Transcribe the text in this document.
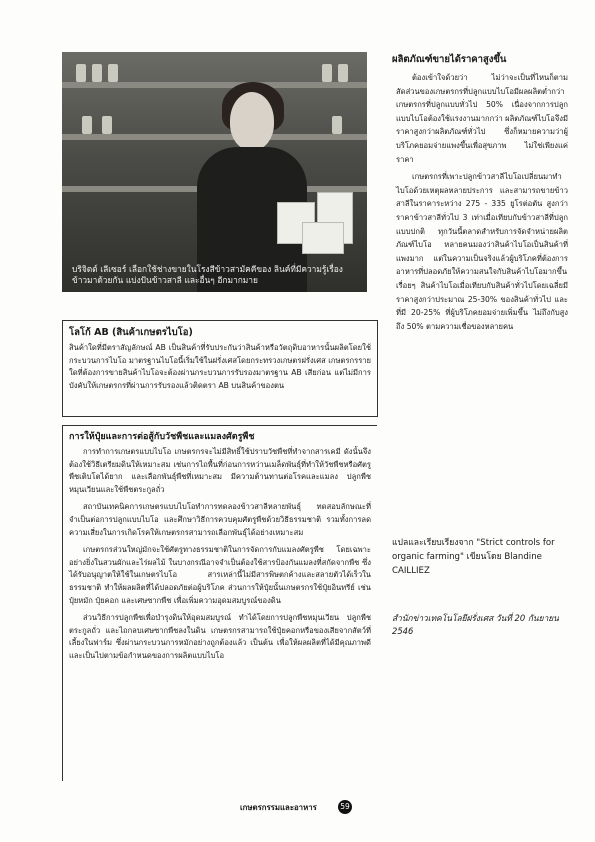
บริจิตต์ เลีเซอร์ เลือกใช้ช่างขายในโรงสีข้าวสามัคคีของ ลินค์ที่มีความรู้เรื่องข้าวมาด้วยกัน แบ่งปันข้าวสาลี และอื่นๆ อีกมากมาย
โลโก้ AB (สินค้าเกษตรไบโอ)
สินค้าใดที่มีตราสัญลักษณ์ AB เป็นสินค้าที่รับประกันว่าสินค้าหรือวัตถุดิบอาหารนั้นผลิตโดยใช้กระบวนการไบโอ มาตรฐานไบโอนี้เริ่มใช้ในฝรั่งเศสโดยกระทรวงเกษตรฝรั่งเศส เกษตรกรรายใดที่ต้องการขายสินค้าไบโอจะต้องผ่านกระบวนการรับรองมาตรฐาน AB เสียก่อน แต่ไม่มีการบังคับให้เกษตรกรที่ผ่านการรับรองแล้วติดตรา AB บนสินค้าของตน
การให้ปุ๋ยและการต่อสู้กับวัชพืชและแมลงศัตรูพืช

การทำการเกษตรแบบไบโอ เกษตรกรจะไม่มีสิทธิ์ใช้ปราบวัชพืชที่ทำจากสารเคมี ดังนั้นจึงต้องใช้วิธีเตรียมดินให้เหมาะสม เช่นการไถพื้นที่ก่อนการหว่านเมล็ดพันธุ์ที่ทำให้วัชพืชหรือศัตรูพืชเติบโตได้ยาก และเลือกพันธุ์พืชที่เหมาะสม มีความต้านทานต่อโรคและแมลง ปลูกพืชหมุนเวียนและใช้พืชตระกูลถั่ว

สถาบันเทคนิคการเกษตรแบบไบโอทำการทดลองข้าวสาลีหลายพันธุ์ ทดสอบลักษณะที่จำเป็นต่อการปลูกแบบไบโอ และศึกษาวิธีการควบคุมศัตรูพืชด้วยวิธีธรรมชาติ รวมทั้งการลดความเสี่ยงในการเกิดโรคให้เกษตรกรสามารถเลือกพันธุ์ได้อย่างเหมาะสม

เกษตรกรส่วนใหญ่มักจะใช้ศัตรูทางธรรมชาติในการจัดการกับแมลงศัตรูพืช โดยเฉพาะอย่างยิ่งในสวนผักและไร่ผลไม้ ในบางกรณีอาจจำเป็นต้องใช้สารป้องกันแมลงที่สกัดจากพืช ซึ่งได้รับอนุญาตให้ใช้ในเกษตรไบโอ สารเหล่านี้ไม่มีสารพิษตกค้างและสลายตัวได้เร็วในธรรมชาติ ทำให้ผลผลิตที่ได้ปลอดภัยต่อผู้บริโภค ส่วนการให้ปุ๋ยนั้นเกษตรกรใช้ปุ๋ยอินทรีย์ เช่น ปุ๋ยหมัก ปุ๋ยคอก และเศษซากพืช เพื่อเพิ่มความอุดมสมบูรณ์ของดิน

ส่วนวิธีการปลูกพืชเพื่อบำรุงดินให้อุดมสมบูรณ์ ทำได้โดยการปลูกพืชหมุนเวียน ปลูกพืชตระกูลถั่ว และไถกลบเศษซากพืชลงในดิน เกษตรกรสามารถใช้ปุ๋ยคอกหรือของเสียจากสัตว์ที่เลี้ยงในฟาร์ม ซึ่งผ่านกระบวนการหมักอย่างถูกต้องแล้ว เป็นต้น เพื่อให้ผลผลิตที่ได้มีคุณภาพดีและเป็นไปตามข้อกำหนดของการผลิตแบบไบโอ

ผลิตภัณฑ์ขายได้ราคาสูงขึ้น

ต้องเข้าใจด้วยว่า ไม่ว่าจะเป็นที่ไหนก็ตาม สัดส่วนของเกษตรกรที่ปลูกแบบไบโอมีผลผลิตต่ำกว่าเกษตรกรที่ปลูกแบบทั่วไป 50% เนื่องจากการปลูกแบบไบโอต้องใช้แรงงานมากกว่า ผลิตภัณฑ์ไบโอจึงมีราคาสูงกว่าผลิตภัณฑ์ทั่วไป ซึ่งก็หมายความว่าผู้บริโภคยอมจ่ายแพงขึ้นเพื่อสุขภาพ ไม่ใช่เพียงแค่ราคา

เกษตรกรที่เพาะปลูกข้าวสาลีไบโอเปลี่ยนมาทำไบโอด้วยเหตุผลหลายประการ และสามารถขายข้าวสาลีในราคาระหว่าง 275 - 335 ยูโรต่อตัน สูงกว่าราคาข้าวสาลีทั่วไป 3 เท่าเมื่อเทียบกับข้าวสาลีที่ปลูกแบบปกติ ทุกวันนี้ตลาดสำหรับการจัดจำหน่ายผลิตภัณฑ์ไบโอ หลายคนมองว่าสินค้าไบโอเป็นสินค้าที่แพงมาก แต่ในความเป็นจริงแล้วผู้บริโภคที่ต้องการอาหารที่ปลอดภัยให้ความสนใจกับสินค้าไบโอมากขึ้นเรื่อยๆ สินค้าไบโอเมื่อเทียบกับสินค้าทั่วไปโดยเฉลี่ยมีราคาสูงกว่าประมาณ 25-30% ของสินค้าทั่วไป และที่มี 20-25% ที่ผู้บริโภคยอมจ่ายเพิ่มขึ้น ไม่ถึงกับสูงถึง 50% ตามความเชื่อของหลายคน

แปลและเรียบเรียงจาก "Strict controls for organic farming" เขียนโดย Blandine CAILLIEZ
สำนักข่าวเทคโนโลยีฝรั่งเศส วันที่ 20 กันยายน 2546
เกษตรกรรมและอาหาร	59
